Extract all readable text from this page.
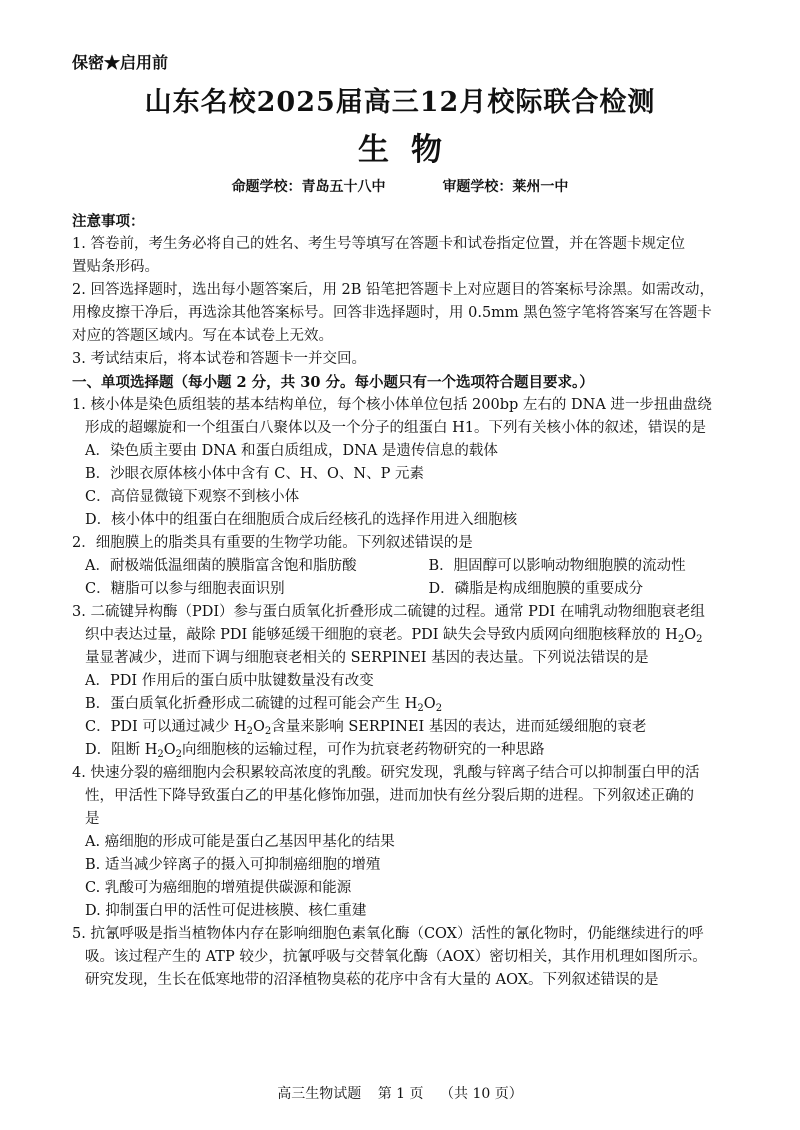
保密★启用前
山东名校2025届高三12月校际联合检测
生物
命题学校：青岛五十八中	审题学校：莱州一中
注意事项：
1. 答卷前，考生务必将自己的姓名、考生号等填写在答题卡和试卷指定位置，并在答题卡规定位
置贴条形码。
2. 回答选择题时，选出每小题答案后，用 2B 铅笔把答题卡上对应题目的答案标号涂黑。如需改动，
用橡皮擦干净后，再选涂其他答案标号。回答非选择题时，用 0.5mm 黑色签字笔将答案写在答题卡
对应的答题区域内。写在本试卷上无效。
3. 考试结束后，将本试卷和答题卡一并交回。
一、单项选择题（每小题 2 分，共 30 分。每小题只有一个选项符合题目要求。）
1. 核小体是染色质组装的基本结构单位，每个核小体单位包括 200bp 左右的 DNA 进一步扭曲盘绕
形成的超螺旋和一个组蛋白八聚体以及一个分子的组蛋白 H1。下列有关核小体的叙述，错误的是
A．染色质主要由 DNA 和蛋白质组成，DNA 是遗传信息的载体
B．沙眼衣原体核小体中含有 C、H、O、N、P 元素
C．高倍显微镜下观察不到核小体
D．核小体中的组蛋白在细胞质合成后经核孔的选择作用进入细胞核
2．细胞膜上的脂类具有重要的生物学功能。下列叙述错误的是
A．耐极端低温细菌的膜脂富含饱和脂肪酸	B．胆固醇可以影响动物细胞膜的流动性
C．糖脂可以参与细胞表面识别	D．磷脂是构成细胞膜的重要成分
3. 二硫键异构酶（PDI）参与蛋白质氧化折叠形成二硫键的过程。通常 PDI 在哺乳动物细胞衰老组
织中表达过量，敲除 PDI 能够延缓干细胞的衰老。PDI 缺失会导致内质网向细胞核释放的 $H_2O_2$
量显著减少，进而下调与细胞衰老相关的 SERPINEI 基因的表达量。下列说法错误的是
A．PDI 作用后的蛋白质中肽键数量没有改变
B．蛋白质氧化折叠形成二硫键的过程可能会产生 $H_2O_2$
C．PDI 可以通过减少 $H_2O_2$含量来影响 SERPINEI 基因的表达，进而延缓细胞的衰老
D．阻断 $H_2O_2$向细胞核的运输过程，可作为抗衰老药物研究的一种思路
4. 快速分裂的癌细胞内会积累较高浓度的乳酸。研究发现，乳酸与锌离子结合可以抑制蛋白甲的活
性，甲活性下降导致蛋白乙的甲基化修饰加强，进而加快有丝分裂后期的进程。下列叙述正确的
是
A. 癌细胞的形成可能是蛋白乙基因甲基化的结果
B. 适当减少锌离子的摄入可抑制癌细胞的增殖
C. 乳酸可为癌细胞的增殖提供碳源和能源
D. 抑制蛋白甲的活性可促进核膜、核仁重建
5. 抗氰呼吸是指当植物体内存在影响细胞色素氧化酶（COX）活性的氰化物时，仍能继续进行的呼
吸。该过程产生的 ATP 较少，抗氰呼吸与交替氧化酶（AOX）密切相关，其作用机理如图所示。
研究发现，生长在低寒地带的沼泽植物臭菘的花序中含有大量的 AOX。下列叙述错误的是
高三生物试题 第 1 页 （共 10 页）
